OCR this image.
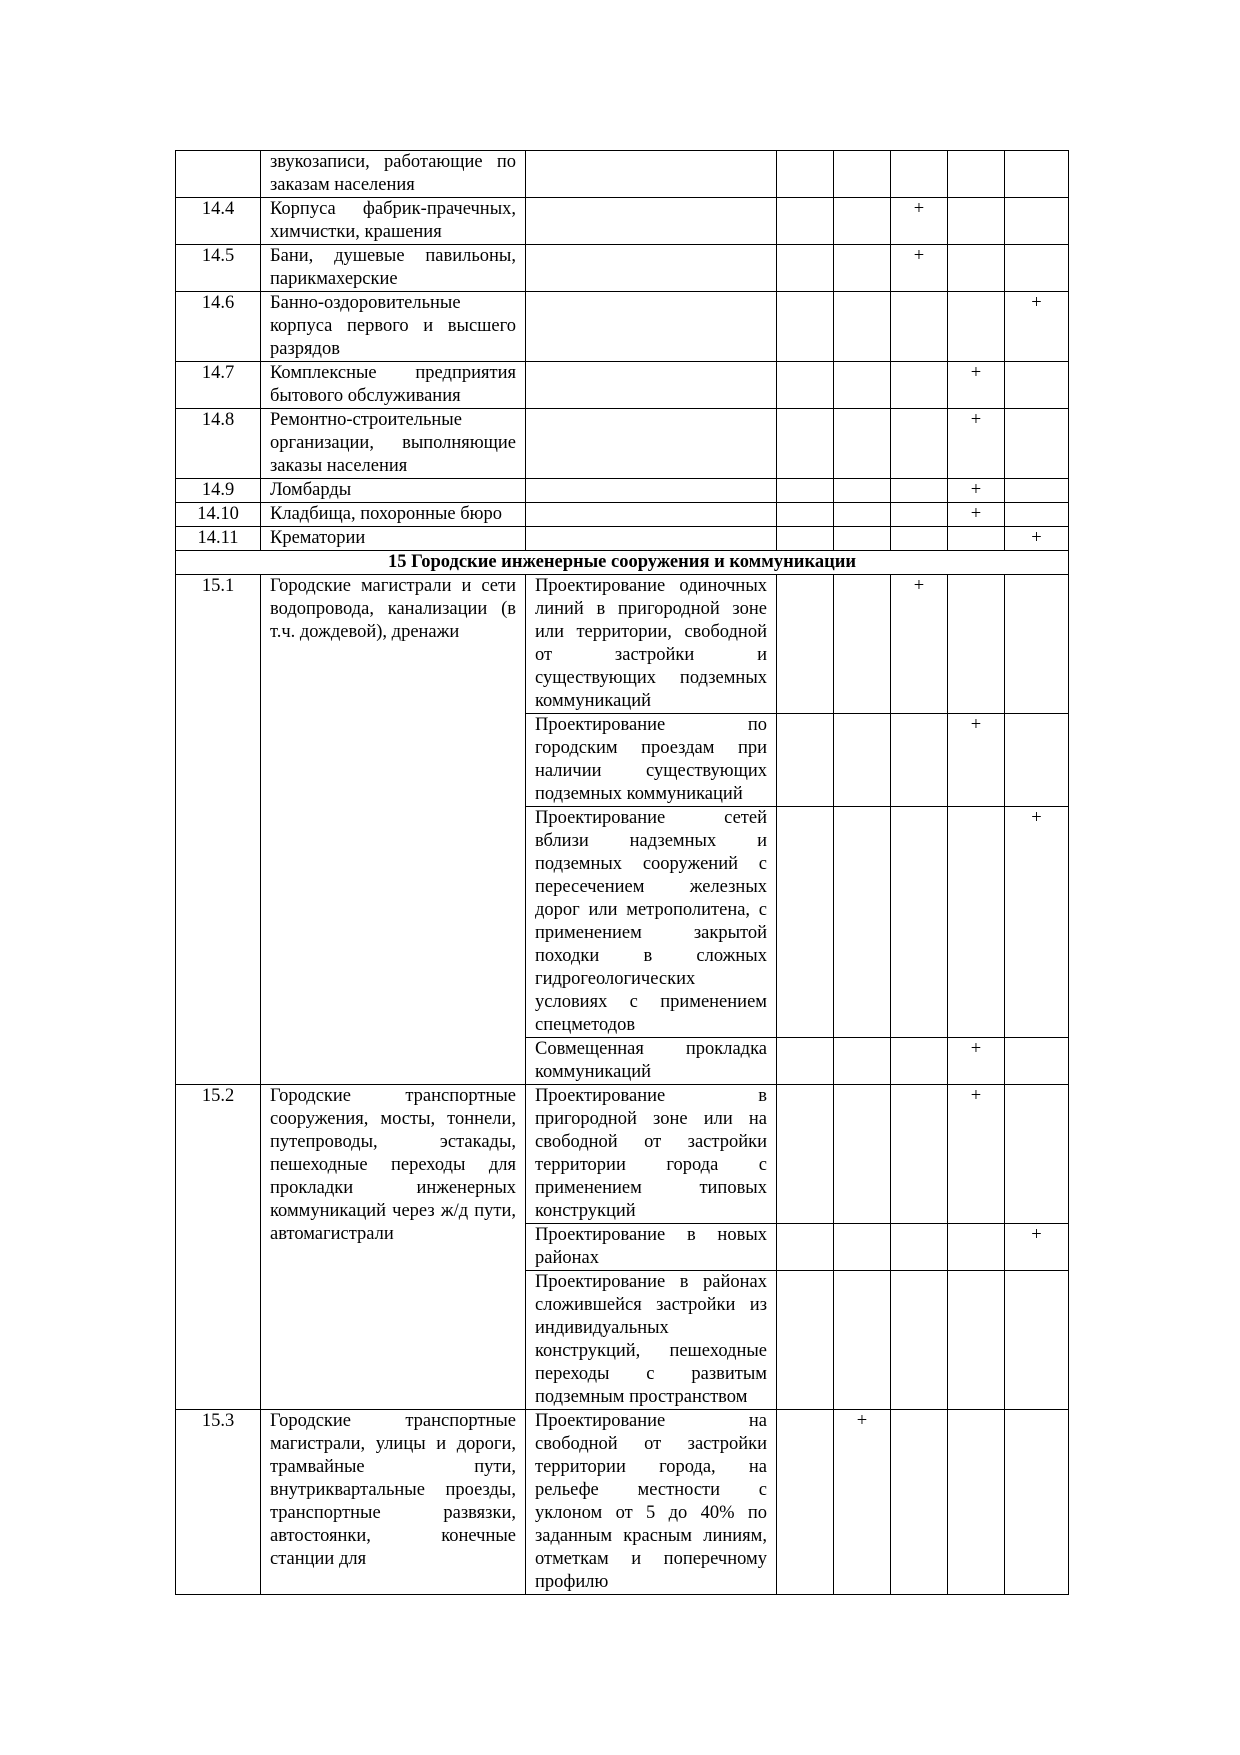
	звукозаписи, работающие по заказам населения						
14.4	Корпуса фабрик-прачечных, химчистки, крашения				+		
14.5	Бани, душевые павильоны, парикмахерские				+		
14.6	Банно-оздоровительные корпуса первого и высшего разрядов						+
14.7	Комплексные предприятия бытового обслуживания					+	
14.8	Ремонтно-строительные организации, выполняющие заказы населения					+	
14.9	Ломбарды					+	
14.10	Кладбища, похоронные бюро					+	
14.11	Крематории						+
15 Городские инженерные сооружения и коммуникации							
15.1	Городские магистрали и сети водопровода, канализации (в т.ч. дождевой), дренажи	Проектирование одиночных линий в пригородной зоне или территории, свободной от застройки и существующих подземных коммуникаций			+		
		Проектирование по городским проездам при наличии существующих подземных коммуникаций				+	
		Проектирование сетей вблизи надземных и подземных сооружений с пересечением железных дорог или метрополитена, с применением закрытой походки в сложных гидрогеологических условиях с применением спецметодов					+
		Совмещенная прокладка коммуникаций				+	
15.2	Городские транспортные сооружения, мосты, тоннели, путепроводы, эстакады, пешеходные переходы для прокладки инженерных коммуникаций через ж/д пути, автомагистрали	Проектирование в пригородной зоне или на свободной от застройки территории города с применением типовых конструкций				+	
		Проектирование в новых районах					+
		Проектирование в районах сложившейся застройки из индивидуальных конструкций, пешеходные переходы с развитым подземным пространством					
15.3	Городские транспортные магистрали, улицы и дороги, трамвайные пути, внутриквартальные проезды, транспортные развязки, автостоянки, конечные станции для	Проектирование на свободной от застройки территории города, на рельефе местности с уклоном от 5 до 40% по заданным красным линиям, отметкам и поперечному профилю		+			
